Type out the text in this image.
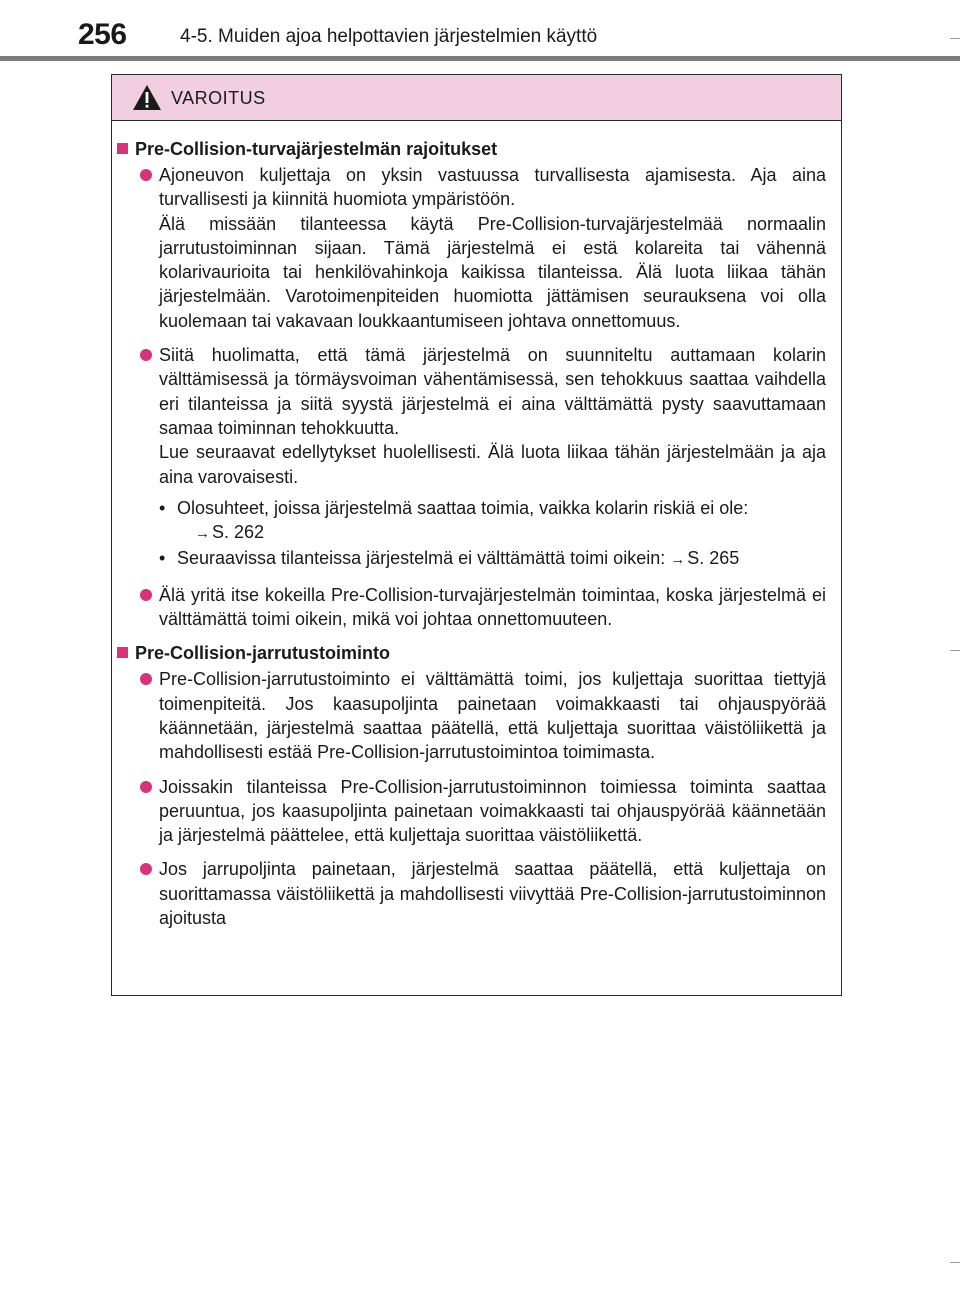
256	4-5. Muiden ajoa helpottavien järjestelmien käyttö
VAROITUS
Pre-Collision-turvajärjestelmän rajoitukset

Ajoneuvon kuljettaja on yksin vastuussa turvallisesta ajamisesta. Aja aina turvallisesti ja kiinnitä huomiota ympäristöön.

Älä missään tilanteessa käytä Pre-Collision-turvajärjestelmää normaalin jarrutustoiminnan sijaan. Tämä järjestelmä ei estä kolareita tai vähennä kolarivaurioita tai henkilövahinkoja kaikissa tilanteissa. Älä luota liikaa tähän järjestelmään. Varotoimenpiteiden huomiotta jättämisen seurauksena voi olla kuolemaan tai vakavaan loukkaantumiseen johtava onnettomuus.

Siitä huolimatta, että tämä järjestelmä on suunniteltu auttamaan kolarin välttämisessä ja törmäysvoiman vähentämisessä, sen tehokkuus saattaa vaihdella eri tilanteissa ja siitä syystä järjestelmä ei aina välttämättä pysty saavuttamaan samaa toiminnan tehokkuutta.

Lue seuraavat edellytykset huolellisesti. Älä luota liikaa tähän järjestelmään ja aja aina varovaisesti.

• Olosuhteet, joissa järjestelmä saattaa toimia, vaikka kolarin riskiä ei ole:
→ S. 262
• Seuraavissa tilanteissa järjestelmä ei välttämättä toimi oikein: → S. 265

Älä yritä itse kokeilla Pre-Collision-turvajärjestelmän toimintaa, koska järjestelmä ei välttämättä toimi oikein, mikä voi johtaa onnettomuuteen.

Pre-Collision-jarrutustoiminto

Pre-Collision-jarrutustoiminto ei välttämättä toimi, jos kuljettaja suorittaa tiettyjä toimenpiteitä. Jos kaasupoljinta painetaan voimakkaasti tai ohjauspyörää käännetään, järjestelmä saattaa päätellä, että kuljettaja suorittaa väistöliikettä ja mahdollisesti estää Pre-Collision-jarrutustoimintoa toimimasta.

Joissakin tilanteissa Pre-Collision-jarrutustoiminnon toimiessa toiminta saattaa peruuntua, jos kaasupoljinta painetaan voimakkaasti tai ohjauspyörää käännetään ja järjestelmä päättelee, että kuljettaja suorittaa väistöliikettä.

Jos jarrupoljinta painetaan, järjestelmä saattaa päätellä, että kuljettaja on suorittamassa väistöliikettä ja mahdollisesti viivyttää Pre-Collision-jarrutustoiminnon ajoitusta
